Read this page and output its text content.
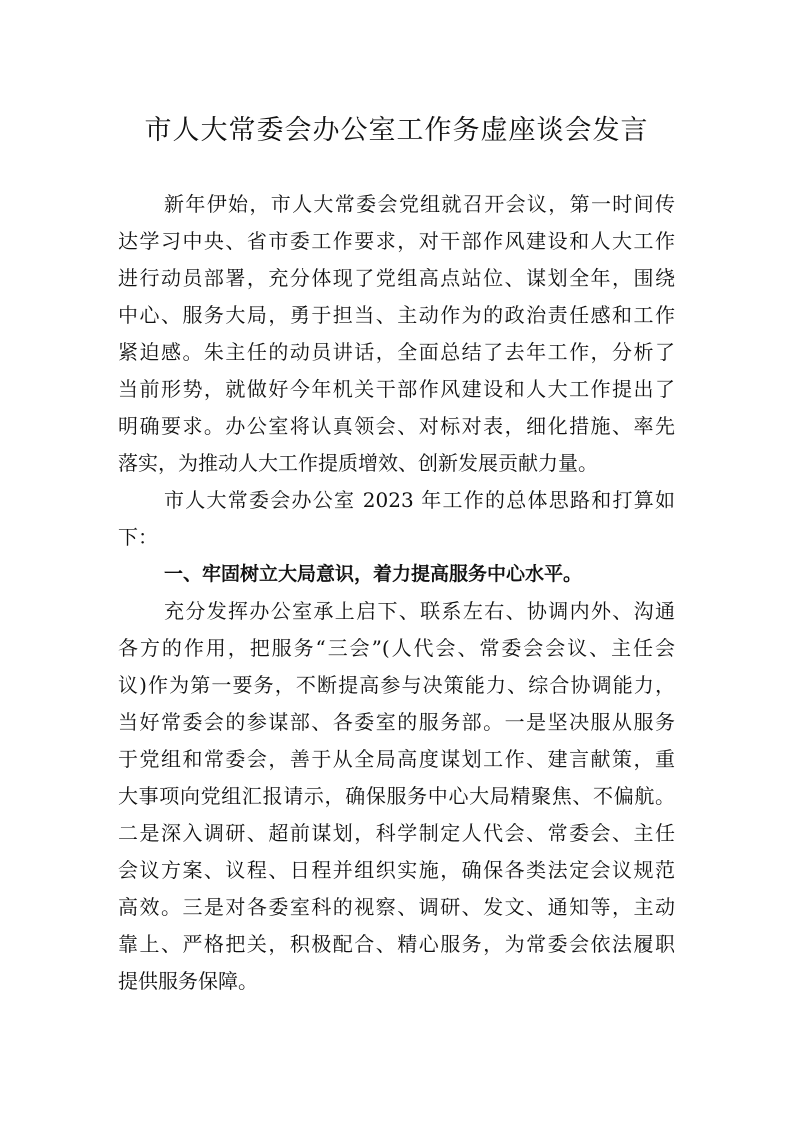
市人大常委会办公室工作务虚座谈会发言
新年伊始，市人大常委会党组就召开会议，第一时间传
达学习中央、省市委工作要求，对干部作风建设和人大工作
进行动员部署，充分体现了党组高点站位、谋划全年，围绕
中心、服务大局，勇于担当、主动作为的政治责任感和工作
紧迫感。朱主任的动员讲话，全面总结了去年工作，分析了
当前形势，就做好今年机关干部作风建设和人大工作提出了
明确要求。办公室将认真领会、对标对表，细化措施、率先
落实，为推动人大工作提质增效、创新发展贡献力量。
市人大常委会办公室 2023 年工作的总体思路和打算如
下：
一、牢固树立大局意识，着力提高服务中心水平。
充分发挥办公室承上启下、联系左右、协调内外、沟通
各方的作用，把服务“三会”(人代会、常委会会议、主任会
议)作为第一要务，不断提高参与决策能力、综合协调能力，
当好常委会的参谋部、各委室的服务部。一是坚决服从服务
于党组和常委会，善于从全局高度谋划工作、建言献策，重
大事项向党组汇报请示，确保服务中心大局精聚焦、不偏航。
二是深入调研、超前谋划，科学制定人代会、常委会、主任
会议方案、议程、日程并组织实施，确保各类法定会议规范
高效。三是对各委室科的视察、调研、发文、通知等，主动
靠上、严格把关，积极配合、精心服务，为常委会依法履职
提供服务保障。
